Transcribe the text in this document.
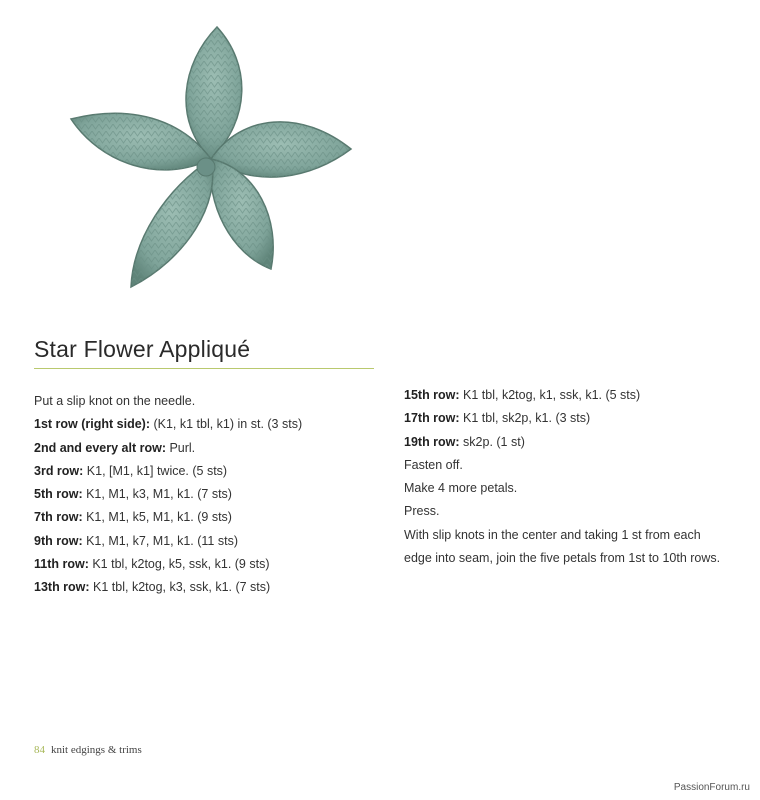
Star Flower Appliqué
Put a slip knot on the needle.
1st row (right side): (K1, k1 tbl, k1) in st. (3 sts)
2nd and every alt row: Purl.
3rd row: K1, [M1, k1] twice. (5 sts)
5th row: K1, M1, k3, M1, k1. (7 sts)
7th row: K1, M1, k5, M1, k1. (9 sts)
9th row: K1, M1, k7, M1, k1. (11 sts)
11th row: K1 tbl, k2tog, k5, ssk, k1. (9 sts)
13th row: K1 tbl, k2tog, k3, ssk, k1. (7 sts)
15th row: K1 tbl, k2tog, k1, ssk, k1. (5 sts)
17th row: K1 tbl, sk2p, k1. (3 sts)
19th row: sk2p. (1 st)
Fasten off.
Make 4 more petals.
Press.
With slip knots in the center and taking 1 st from each
edge into seam, join the five petals from 1st to 10th rows.
84 knit edgings & trims
PassionForum.ru
